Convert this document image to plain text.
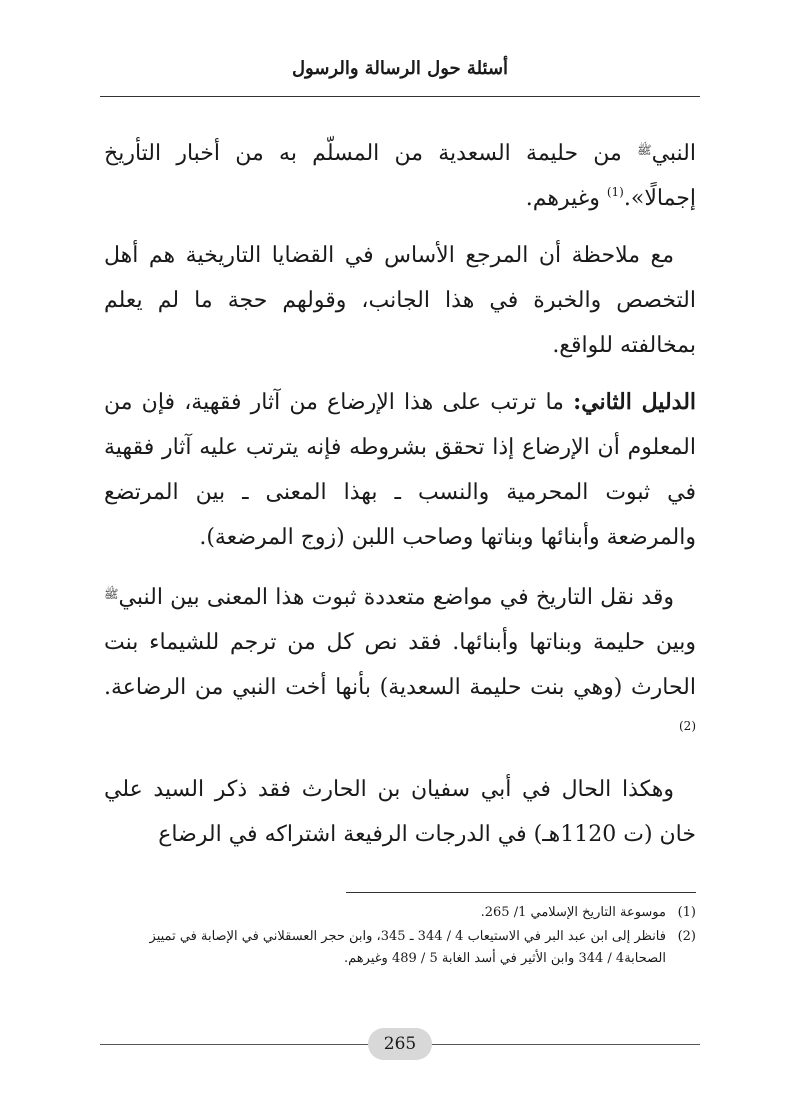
أسئلة حول الرسالة والرسول

النبي$^ﷺ$ من حليمة السعدية من المسلّم به من أخبار التأريخ إجمالًا».$^{(1)}$ وغيرهم.

مع ملاحظة أن المرجع الأساس في القضايا التاريخية هم أهل التخصص والخبرة في هذا الجانب، وقولهم حجة ما لم يعلم بمخالفته للواقع.

الدليل الثاني: ما ترتب على هذا الإرضاع من آثار فقهية، فإن من المعلوم أن الإرضاع إذا تحقق بشروطه فإنه يترتب عليه آثار فقهية في ثبوت المحرمية والنسب ـ بهذا المعنى ـ بين المرتضع والمرضعة وأبنائها وبناتها وصاحب اللبن (زوج المرضعة).

وقد نقل التاريخ في مواضع متعددة ثبوت هذا المعنى بين النبي$^ﷺ$ وبين حليمة وبناتها وأبنائها. فقد نص كل من ترجم للشيماء بنت الحارث (وهي بنت حليمة السعدية) بأنها أخت النبي من الرضاعة.$^{(2)}$

وهكذا الحال في أبي سفيان بن الحارث فقد ذكر السيد علي خان (ت 1120هـ) في الدرجات الرفيعة اشتراكه في الرضاع

(1)
موسوعة التاريخ الإسلامي 1/ 265.
(2)
فانظر إلى ابن عبد البر في الاستيعاب 4 / 344 ـ 345، وابن حجر العسقلاني في الإصابة في تمييز الصحابة4 / 344 وابن الأثير في أسد الغابة 5 / 489 وغيرهم.
265
